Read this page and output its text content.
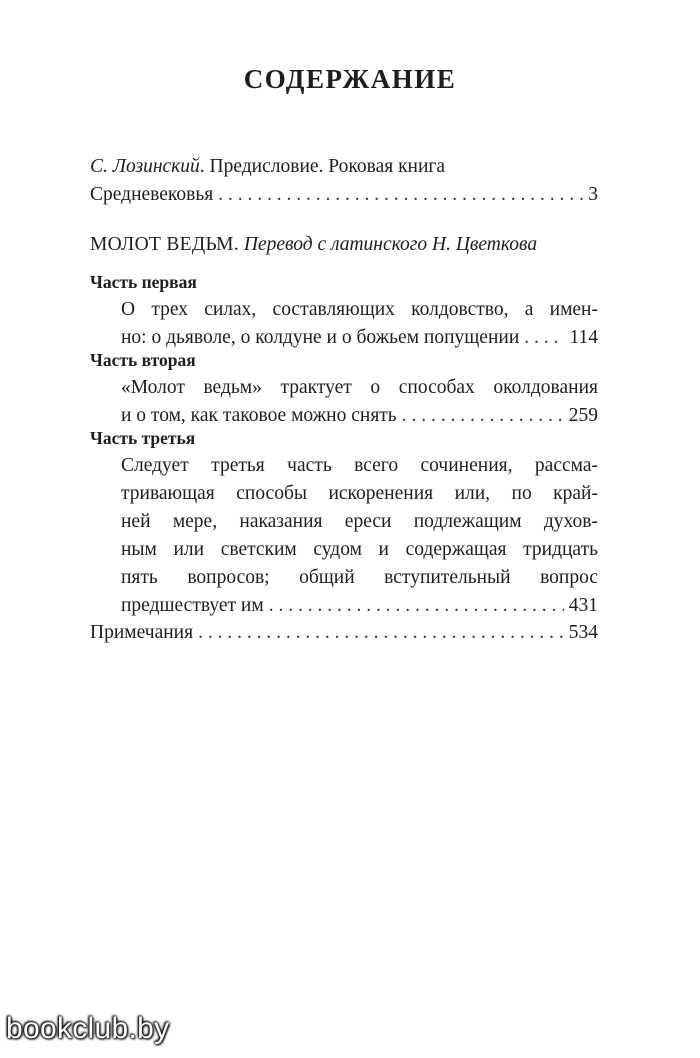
СОДЕРЖАНИЕ
С. Лозинский . Предисловие. Роковая книга
Средневековья . . .	3
МОЛОТ ВЕДЬМ. Перевод с латинского Н. Цветкова
Часть первая
О трех силах, составляющих колдовство, а имен-
но: о дьяволе, о колдуне и о божьем попущении . . .	114
Часть вторая
«Молот ведьм» трактует о способах околдования
и о том, как таковое можно снять . . .	259
Часть третья
Следует третья часть всего сочинения, рассма-
тривающая способы искоренения или, по край-
ней мере, наказания ереси подлежащим духов-
ным или светским судом и содержащая тридцать
пять вопросов; общий вступительный вопрос
предшествует им . . .	431
Примечания . . .	534
bookclub.by
